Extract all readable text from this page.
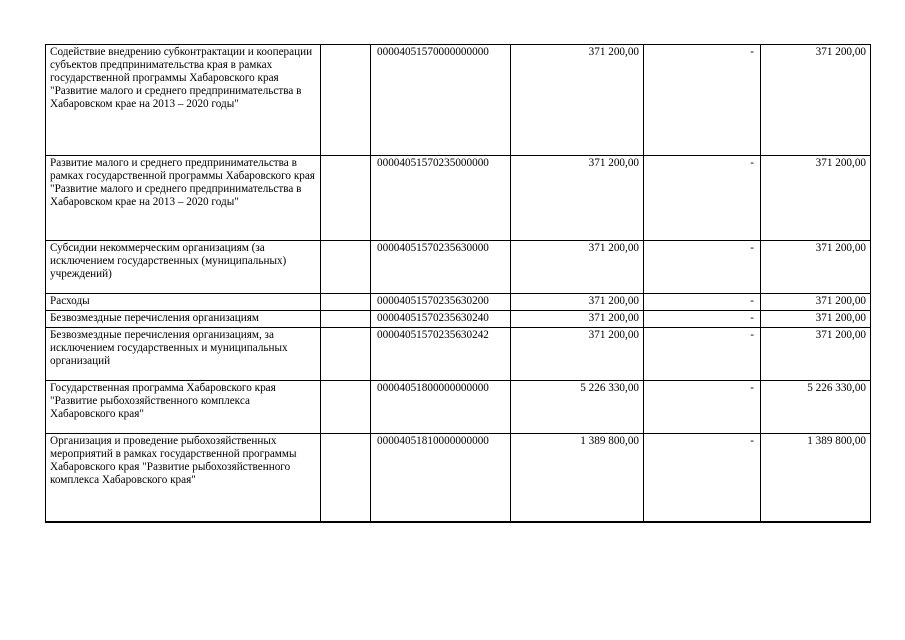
Содействие внедрению субконтрактации и кооперации субъектов предпринимательства края в рамках государственной программы Хабаровского края "Развитие малого и среднего предпринимательства в Хабаровском крае на 2013 – 2020 годы"		00004051570000000000	371 200,00	-	371 200,00
Развитие малого и среднего предпринимательства в рамках государственной программы Хабаровского края "Развитие малого и среднего предпринимательства в Хабаровском крае на 2013 – 2020 годы"		00004051570235000000	371 200,00	-	371 200,00
Субсидии некоммерческим организациям (за исключением государственных (муниципальных) учреждений)		00004051570235630000	371 200,00	-	371 200,00
Расходы		00004051570235630200	371 200,00	-	371 200,00
Безвозмездные перечисления организациям		00004051570235630240	371 200,00	-	371 200,00
Безвозмездные перечисления организациям, за исключением государственных и муниципальных организаций		00004051570235630242	371 200,00	-	371 200,00
Государственная программа Хабаровского края "Развитие рыбохозяйственного комплекса Хабаровского края"		00004051800000000000	5 226 330,00	-	5 226 330,00
Организация и проведение рыбохозяйственных мероприятий в рамках государственной программы Хабаровского края "Развитие рыбохозяйственного комплекса Хабаровского края"		00004051810000000000	1 389 800,00	-	1 389 800,00
